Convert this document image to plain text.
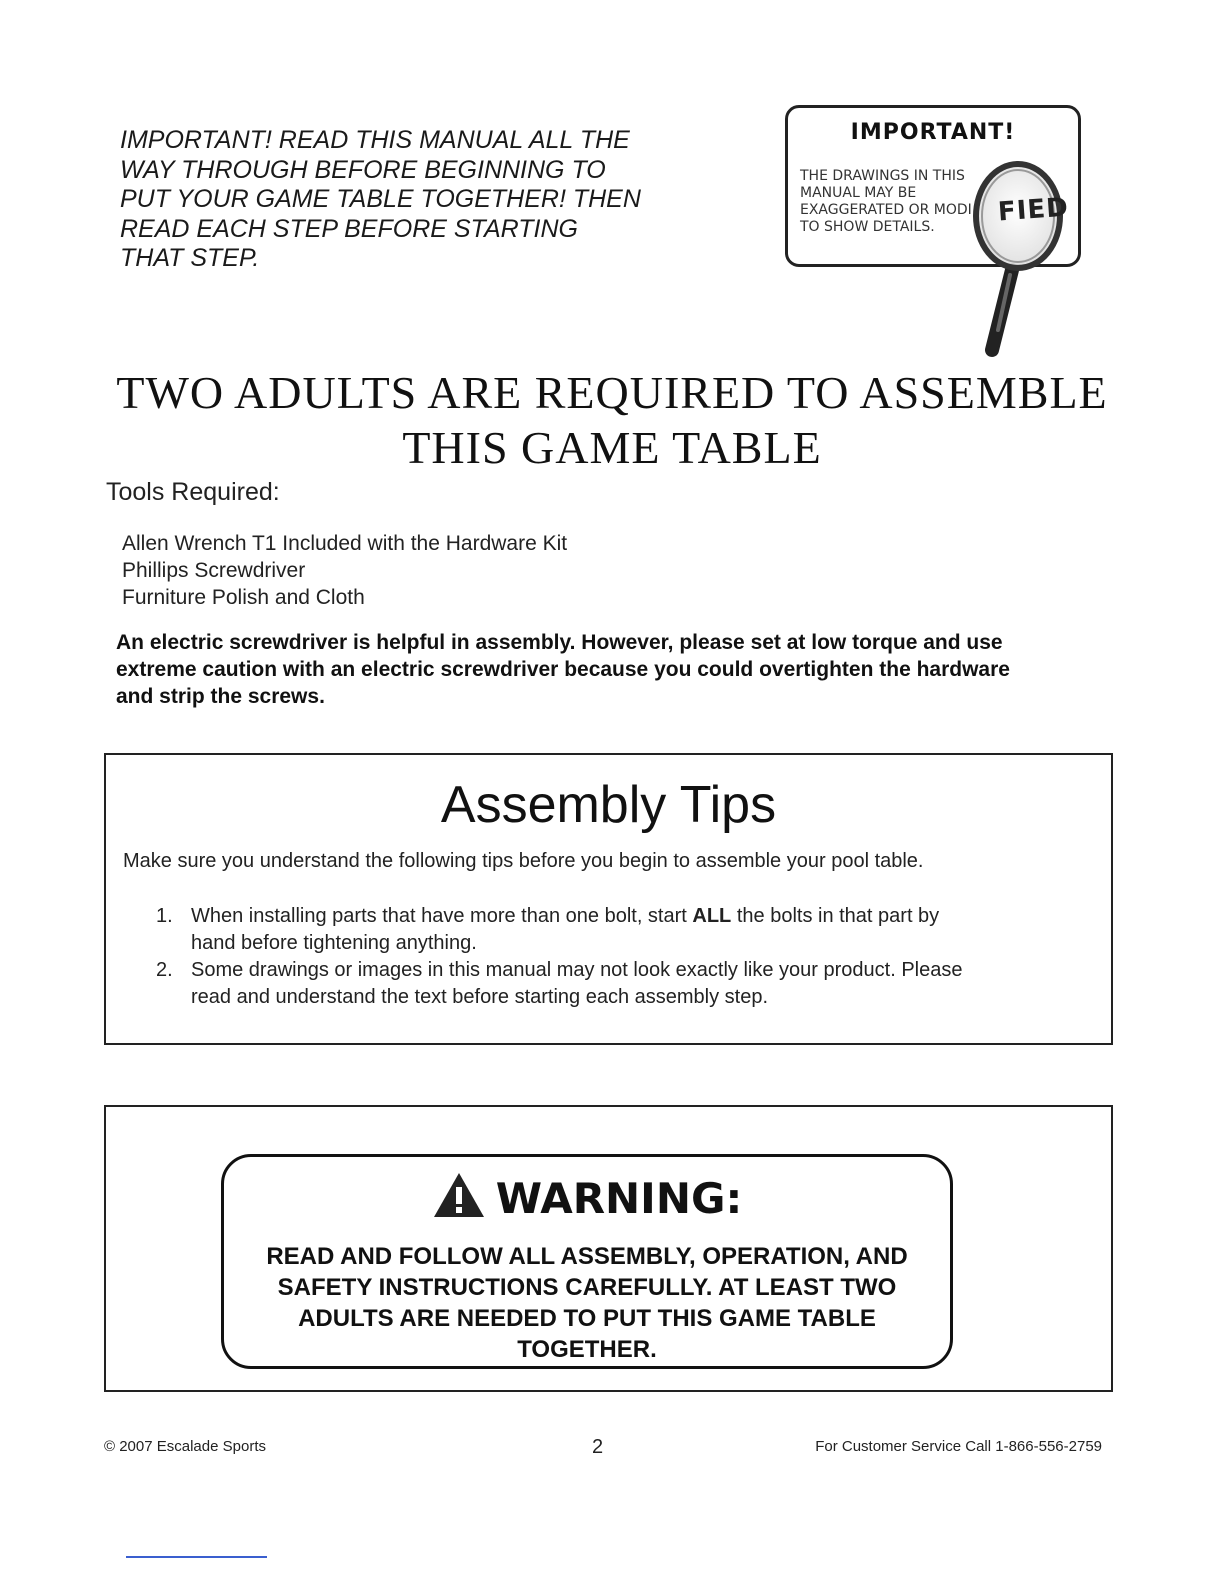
IMPORTANT! READ THIS MANUAL ALL THE
WAY THROUGH BEFORE BEGINNING TO
PUT YOUR GAME TABLE TOGETHER! THEN
READ EACH STEP BEFORE STARTING
THAT STEP.

IMPORTANT!

THE DRAWINGS IN THIS
MANUAL MAY BE
EXAGGERATED OR MODI
TO SHOW DETAILS.	FIED
TWO ADULTS ARE REQUIRED TO ASSEMBLE
THIS GAME TABLE

Tools Required:

Allen Wrench T1 Included with the Hardware Kit
Phillips Screwdriver
Furniture Polish and Cloth

An electric screwdriver is helpful in assembly. However, please set at low torque and use
extreme caution with an electric screwdriver because you could overtighten the hardware
and strip the screws.

Assembly Tips

Make sure you understand the following tips before you begin to assemble your pool table.

1. When installing parts that have more than one bolt, start ALL the bolts in that part by
hand before tightening anything.
2. Some drawings or images in this manual may not look exactly like your product. Please
read and understand the text before starting each assembly step.
WARNING:

READ AND FOLLOW ALL ASSEMBLY, OPERATION, AND
SAFETY INSTRUCTIONS CAREFULLY. AT LEAST TWO
ADULTS ARE NEEDED TO PUT THIS GAME TABLE
TOGETHER.

© 2007 Escalade Sports	2	For Customer Service Call 1-866-556-2759
